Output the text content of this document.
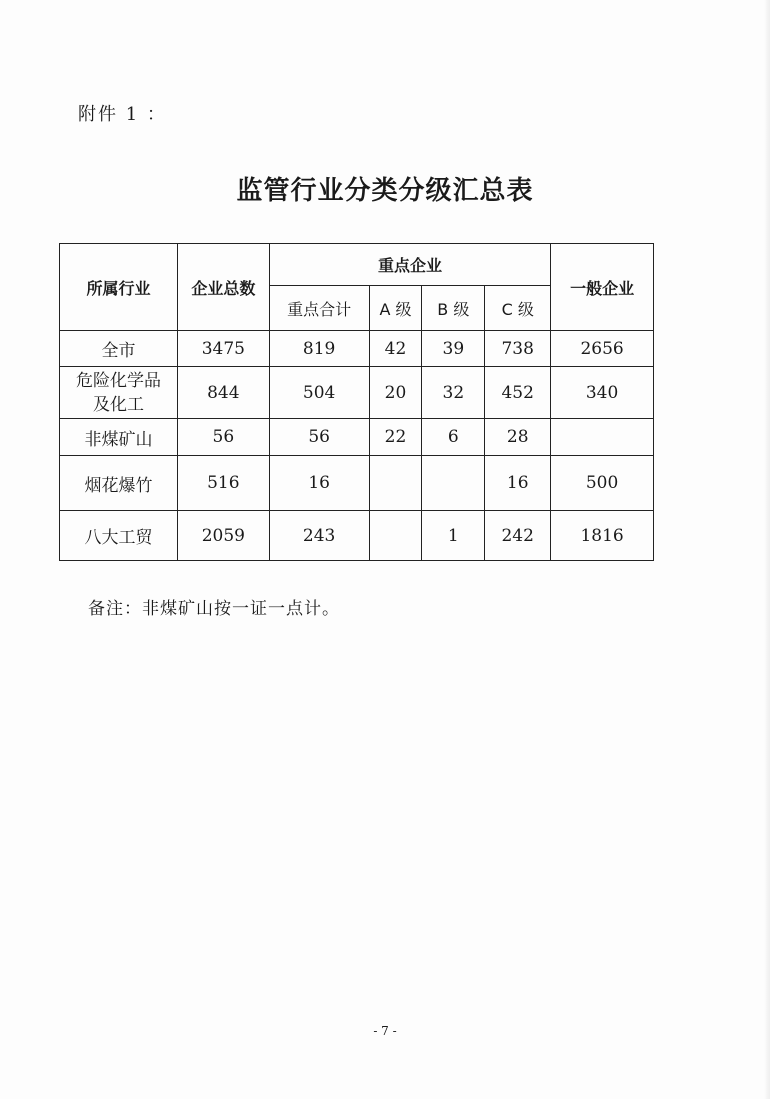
附件 1 ：
监管行业分类分级汇总表
所属行业	企业总数	重点企业				一般企业
		重点合计	A 级	B 级	C 级	
全市	3475	819	42	39	738	2656
危险化学品及化工	844	504	20	32	452	340
非煤矿山	56	56	22	6	28	
烟花爆竹	516	16			16	500
八大工贸	2059	243		1	242	1816
备注：非煤矿山按一证一点计。
- 7 -
